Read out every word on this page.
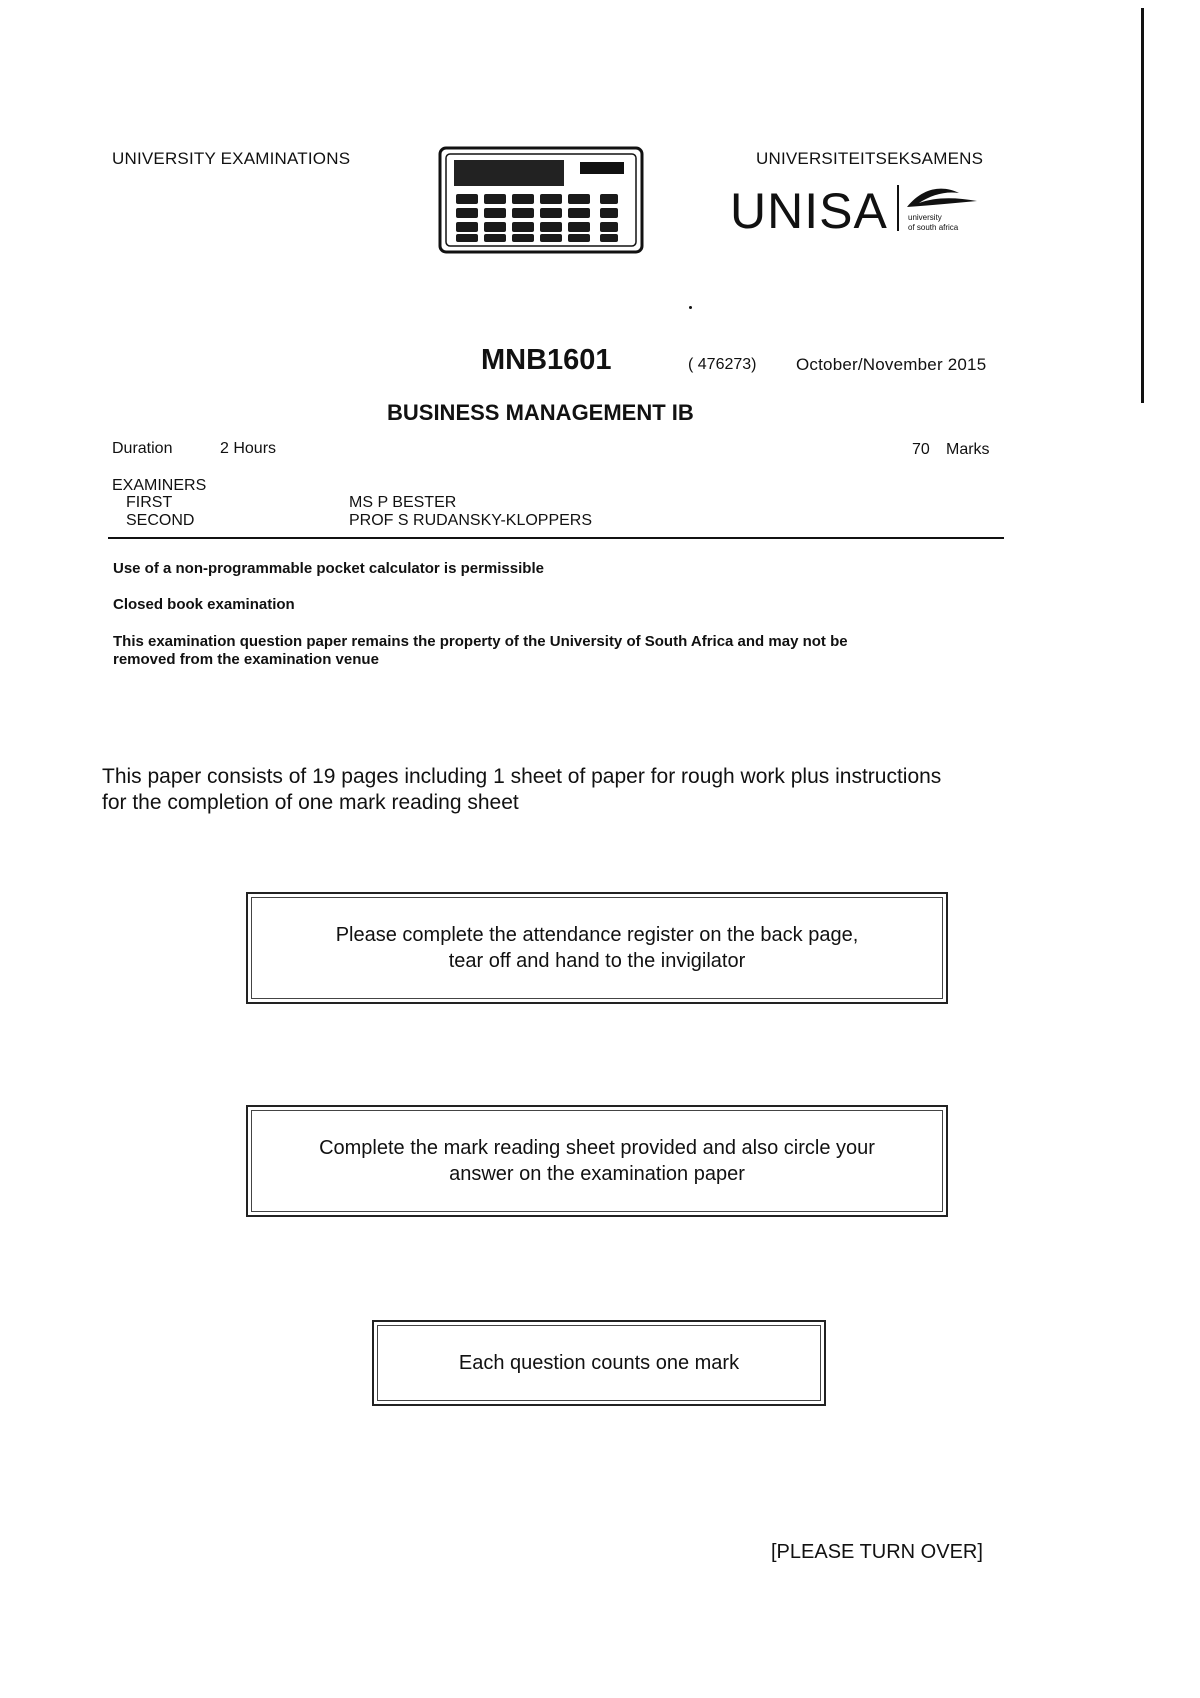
UNIVERSITY EXAMINATIONS	UNIVERSITEITSEKSAMENS
UNISA	university
of south africa
MNB1601	( 476273) October/November 2015
BUSINESS MANAGEMENT IB
Duration	2 Hours	70 Marks
EXAMINERS
FIRST	MS P BESTER
SECOND	PROF S RUDANSKY-KLOPPERS
Use of a non-programmable pocket calculator is permissible
Closed book examination
This examination question paper remains the property of the University of South Africa and may not be
removed from the examination venue
This paper consists of 19 pages including 1 sheet of paper for rough work plus instructions
for the completion of one mark reading sheet
Please complete the attendance register on the back page,
tear off and hand to the invigilator
Complete the mark reading sheet provided and also circle your
answer on the examination paper
Each question counts one mark
[PLEASE TURN OVER]
